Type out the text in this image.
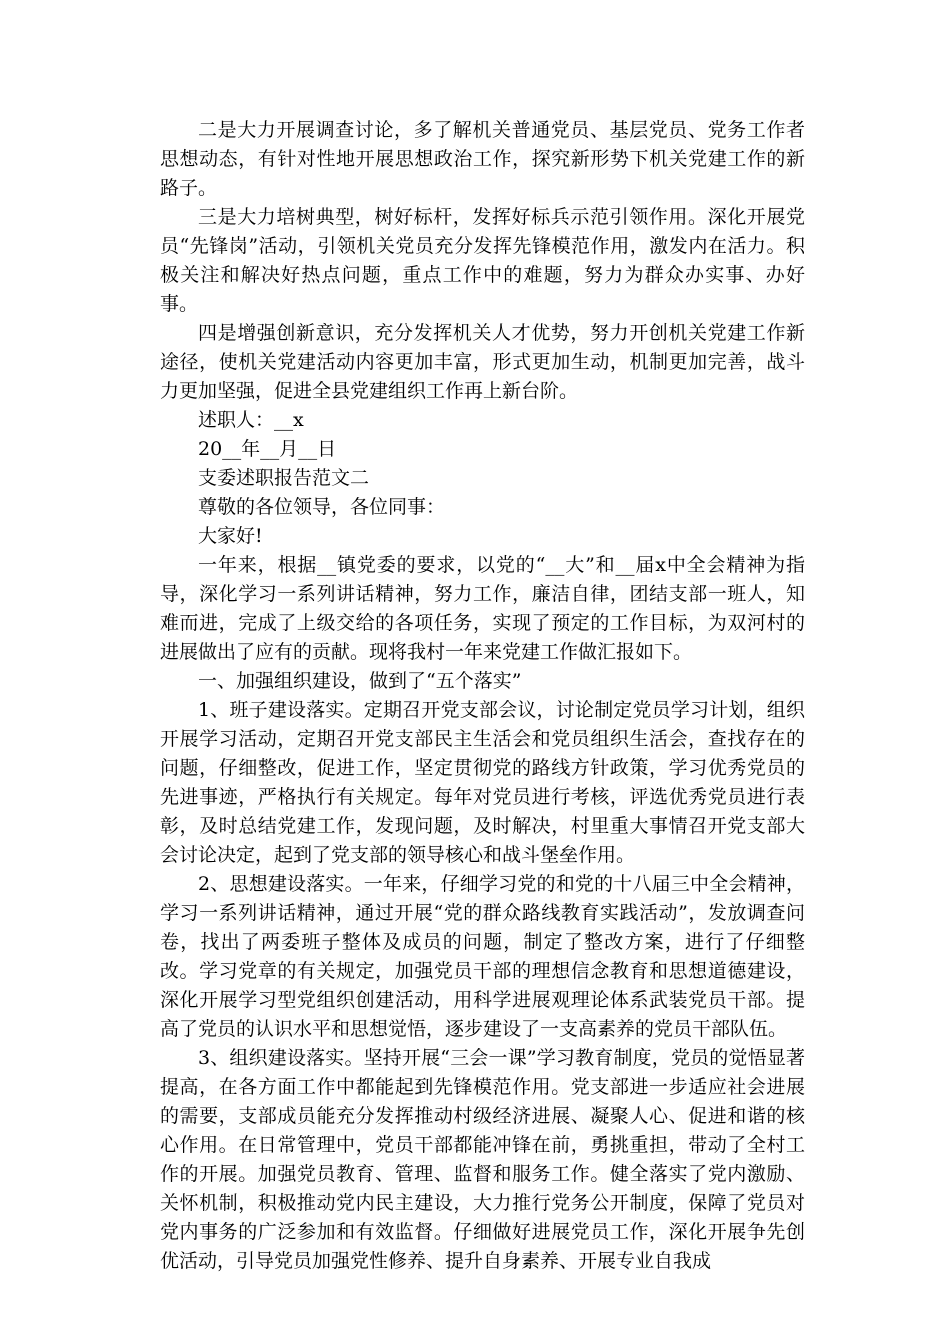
二是大力开展调查讨论，多了解机关普通党员、基层党员、党务工作者思想动态，有针对性地开展思想政治工作，探究新形势下机关党建工作的新路子。

三是大力培树典型，树好标杆，发挥好标兵示范引领作用。深化开展党员“先锋岗”活动，引领机关党员充分发挥先锋模范作用，激发内在活力。积极关注和解决好热点问题，重点工作中的难题，努力为群众办实事、办好事。

四是增强创新意识，充分发挥机关人才优势，努力开创机关党建工作新途径，使机关党建活动内容更加丰富，形式更加生动，机制更加完善，战斗力更加坚强，促进全县党建组织工作再上新台阶。

述职人：__x

20__年__月__日

支委述职报告范文二

尊敬的各位领导，各位同事：

大家好!

一年来，根据__镇党委的要求，以党的“__大”和__届x中全会精神为指导，深化学习一系列讲话精神，努力工作，廉洁自律，团结支部一班人，知难而进，完成了上级交给的各项任务，实现了预定的工作目标，为双河村的进展做出了应有的贡献。现将我村一年来党建工作做汇报如下。

一、加强组织建设，做到了“五个落实”

1、班子建设落实。定期召开党支部会议，讨论制定党员学习计划，组织开展学习活动，定期召开党支部民主生活会和党员组织生活会，查找存在的问题，仔细整改，促进工作，坚定贯彻党的路线方针政策，学习优秀党员的先进事迹，严格执行有关规定。每年对党员进行考核，评选优秀党员进行表彰，及时总结党建工作，发现问题，及时解决，村里重大事情召开党支部大会讨论决定，起到了党支部的领导核心和战斗堡垒作用。

2、思想建设落实。一年来，仔细学习党的和党的十八届三中全会精神，学习一系列讲话精神，通过开展“党的群众路线教育实践活动”，发放调查问卷，找出了两委班子整体及成员的问题，制定了整改方案，进行了仔细整改。学习党章的有关规定，加强党员干部的理想信念教育和思想道德建设，深化开展学习型党组织创建活动，用科学进展观理论体系武装党员干部。提高了党员的认识水平和思想觉悟，逐步建设了一支高素养的党员干部队伍。

3、组织建设落实。坚持开展“三会一课”学习教育制度，党员的觉悟显著提高，在各方面工作中都能起到先锋模范作用。党支部进一步适应社会进展的需要，支部成员能充分发挥推动村级经济进展、凝聚人心、促进和谐的核心作用。在日常管理中，党员干部都能冲锋在前，勇挑重担，带动了全村工作的开展。加强党员教育、管理、监督和服务工作。健全落实了党内激励、关怀机制，积极推动党内民主建设，大力推行党务公开制度，保障了党员对党内事务的广泛参加和有效监督。仔细做好进展党员工作，深化开展争先创优活动，引导党员加强党性修养、提升自身素养、开展专业自我成
